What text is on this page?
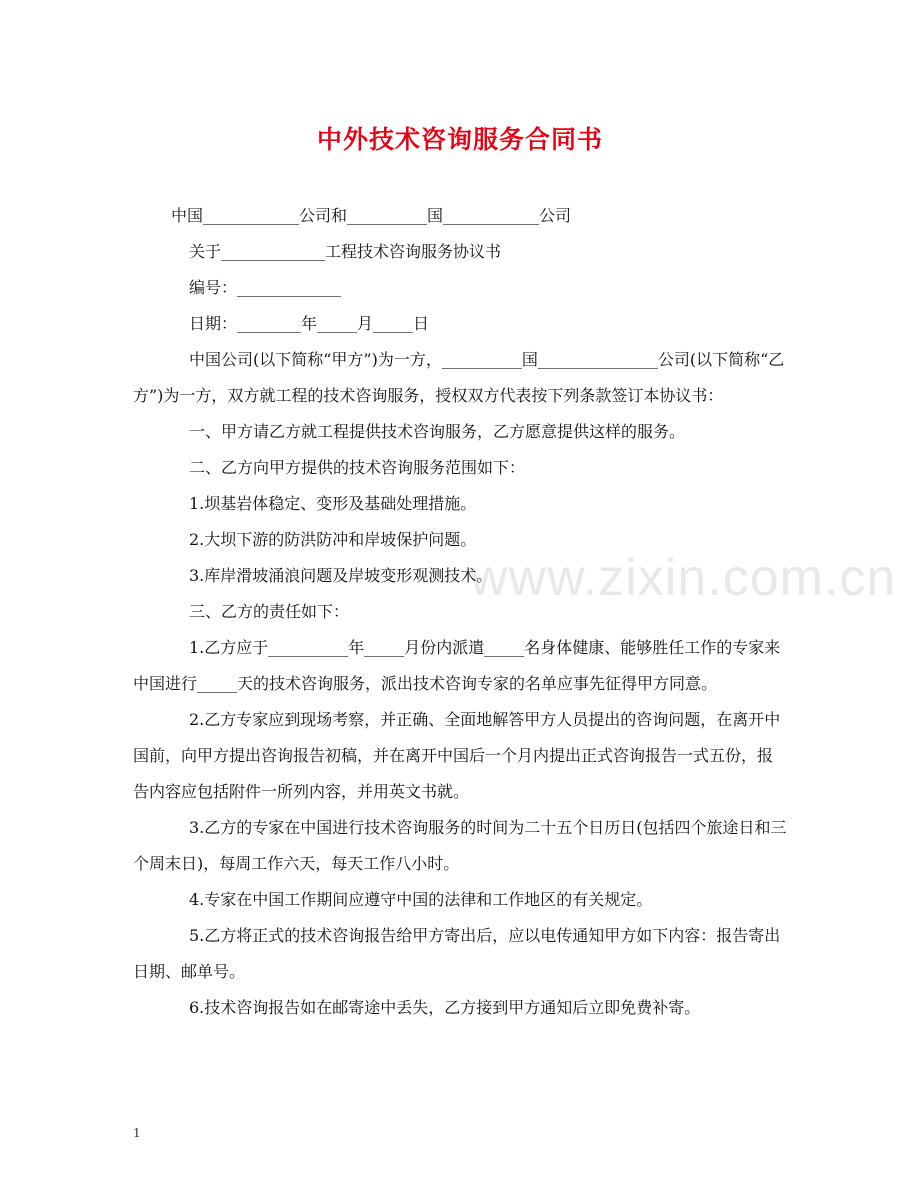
中外技术咨询服务合同书
www.zixin.com.cn

中国____________公司和__________国____________公司

关于_____________工程技术咨询服务协议书

编号：_____________

日期：________年_____月_____日

中国公司(以下简称“甲方”)为一方，__________国_______________公司(以下简称“乙方”)为一方，双方就工程的技术咨询服务，授权双方代表按下列条款签订本协议书：

一、甲方请乙方就工程提供技术咨询服务，乙方愿意提供这样的服务。

二、乙方向甲方提供的技术咨询服务范围如下：

1.坝基岩体稳定、变形及基础处理措施。

2.大坝下游的防洪防冲和岸坡保护问题。

3.库岸滑坡涌浪问题及岸坡变形观测技术。

三、乙方的责任如下：

1.乙方应于__________年_____月份内派遣_____名身体健康、能够胜任工作的专家来中国进行_____天的技术咨询服务，派出技术咨询专家的名单应事先征得甲方同意。

2.乙方专家应到现场考察，并正确、全面地解答甲方人员提出的咨询问题，在离开中国前，向甲方提出咨询报告初稿，并在离开中国后一个月内提出正式咨询报告一式五份，报告内容应包括附件一所列内容，并用英文书就。

3.乙方的专家在中国进行技术咨询服务的时间为二十五个日历日(包括四个旅途日和三个周末日)，每周工作六天，每天工作八小时。

4.专家在中国工作期间应遵守中国的法律和工作地区的有关规定。

5.乙方将正式的技术咨询报告给甲方寄出后，应以电传通知甲方如下内容：报告寄出日期、邮单号。

6.技术咨询报告如在邮寄途中丢失，乙方接到甲方通知后立即免费补寄。

1
